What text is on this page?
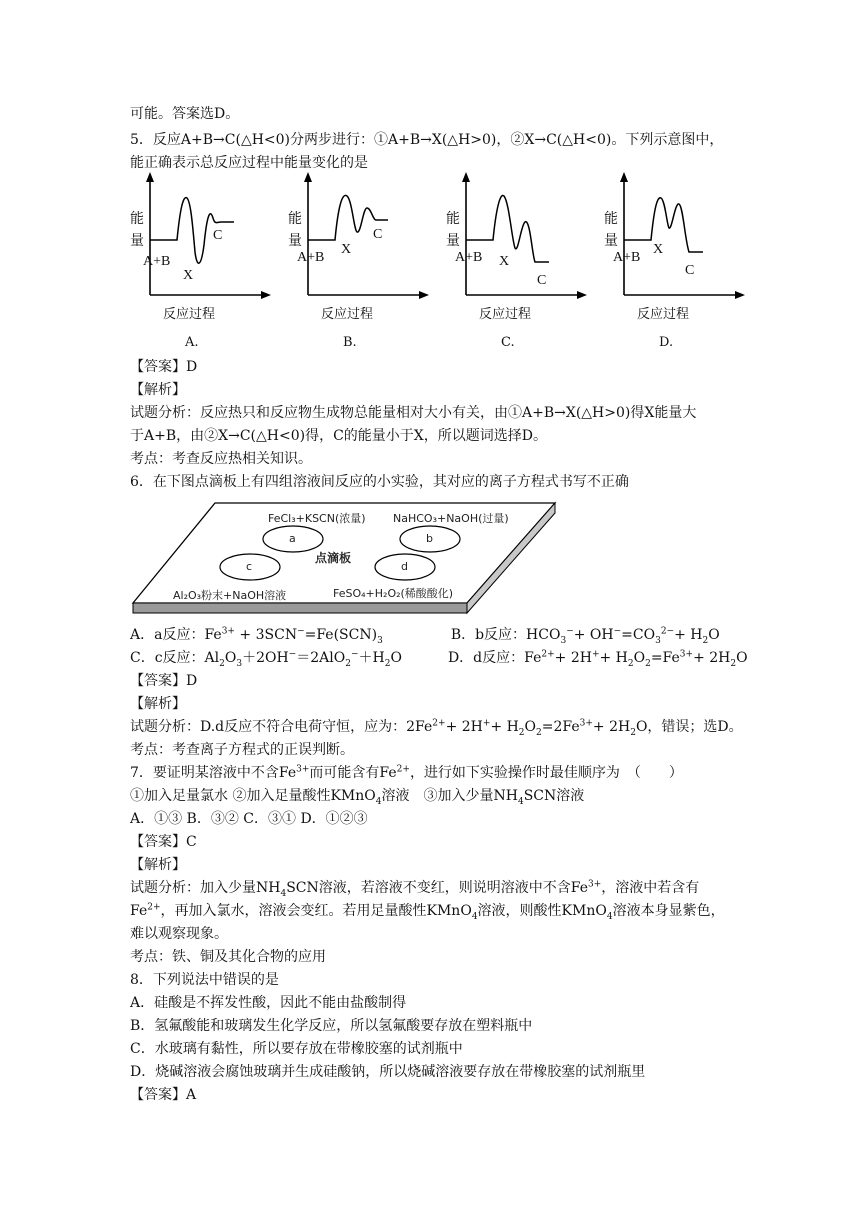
可能。答案选D。
5．反应A+B→C(△H<0)分两步进行：①A+B→X(△H>0)，②X→C(△H<0)。下列示意图中，
能正确表示总反应过程中能量变化的是
能
量
A+B
X
C
反应过程
A.
能
量
A+B
X
C
反应过程
B.
能
量
A+B X
C
反应过程
C.
能
量
A+B
X
C
反应过程
D.
【答案】D
【解析】
试题分析：反应热只和反应物生成物总能量相对大小有关，由①A+B→X(△H>0)得X能量大
于A+B，由②X→C(△H<0)得，C的能量小于X，所以题词选择D。
考点：考查反应热相关知识。
6．在下图点滴板上有四组溶液间反应的小实验，其对应的离子方程式书写不正确
FeCl₃+KSCN(浓量) NaHCO₃+NaOH(过量)
Al₂O₃粉末+NaOH溶液	FeSO₄+H₂O₂(稀酸酸化)
a	b
c	d
点滴板
A．a反应：$Fe^{3+} + 3SCN^-=Fe(SCN)_3$	B．b反应：$HCO_3^-+ OH^-=CO_3^{2-}+ H_2O$
C．c反应：$Al_2O_3+2OH^-=2AlO_2^-+H_2O$	D．d反应：$Fe^{2+}+ 2H^++ H_2O_2=Fe^{3+}+ 2H_2O$
【答案】D
【解析】
试题分析：D.d反应不符合电荷守恒，应为：$2Fe^{2+}+ 2H^++ H_2O_2=2Fe^{3+}+ 2H_2O$，错误；选D。
考点：考查离子方程式的正误判断。
7．要证明某溶液中不含$Fe^{3+}$而可能含有$Fe^{2+}$，进行如下实验操作时最佳顺序为　（　　）
①加入足量氯水 ②加入足量酸性KMnO$_4$溶液　③加入少量$NH_4SCN$溶液
A．①③ B．③② C．③① D．①②③
【答案】C
【解析】
试题分析：加入少量$NH_4SCN$溶液，若溶液不变红，则说明溶液中不含$Fe^{3+}$，溶液中若含有
$Fe^{2+}$，再加入氯水，溶液会变红。若用足量酸性KMnO$_4$溶液，则酸性KMnO$_4$溶液本身显紫色，
难以观察现象。
考点：铁、铜及其化合物的应用
8．下列说法中错误的是
A．硅酸是不挥发性酸，因此不能由盐酸制得
B．氢氟酸能和玻璃发生化学反应，所以氢氟酸要存放在塑料瓶中
C．水玻璃有黏性，所以要存放在带橡胶塞的试剂瓶中
D．烧碱溶液会腐蚀玻璃并生成硅酸钠，所以烧碱溶液要存放在带橡胶塞的试剂瓶里
【答案】A
